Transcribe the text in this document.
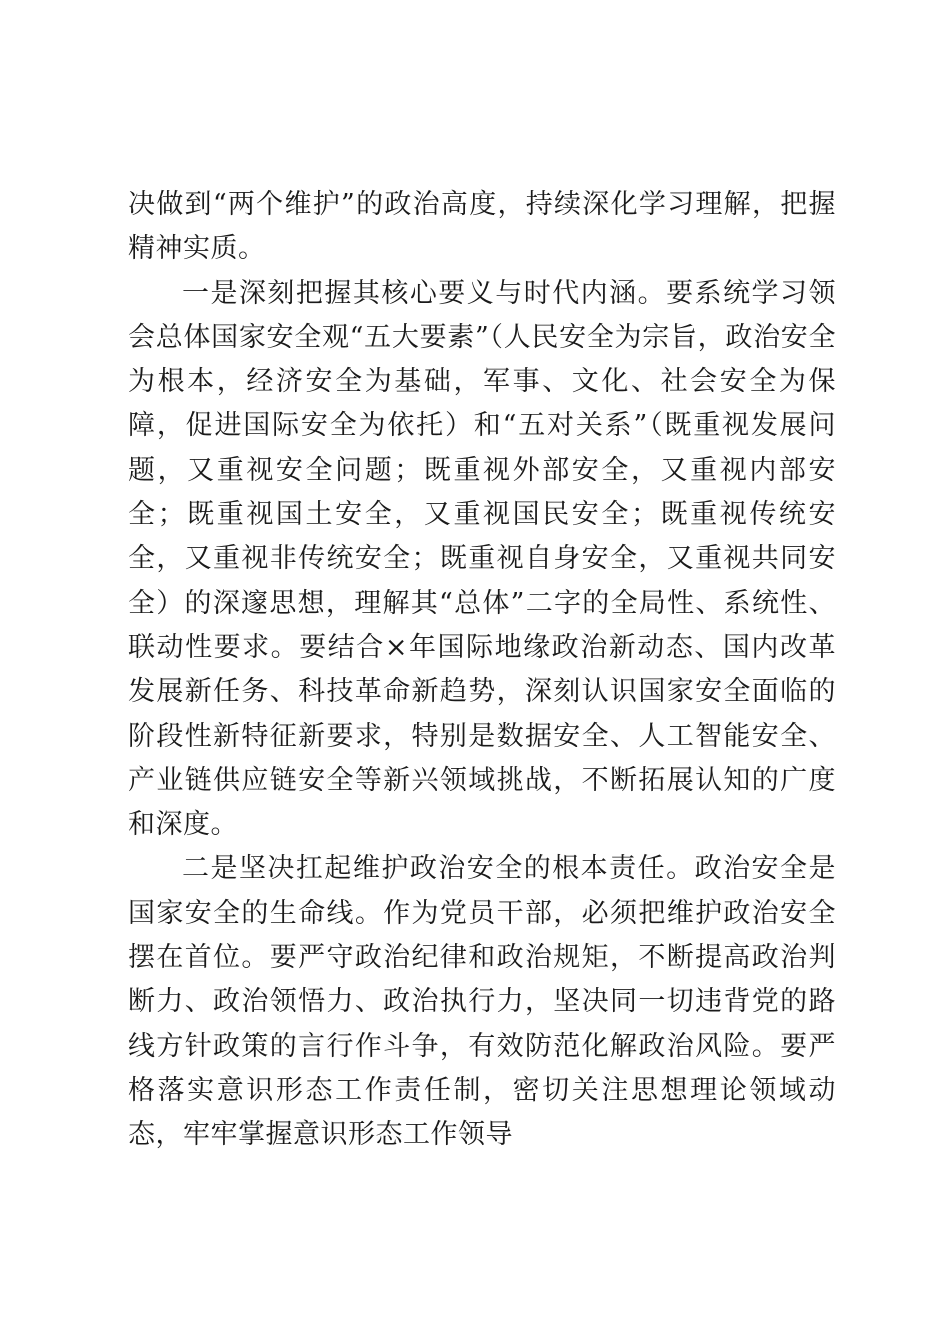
决做到“两个维护”的政治高度，持续深化学习理解，把握精神实质。

一是深刻把握其核心要义与时代内涵。要系统学习领会总体国家安全观“五大要素”（人民安全为宗旨，政治安全为根本，经济安全为基础，军事、文化、社会安全为保障，促进国际安全为依托）和“五对关系”（既重视发展问题，又重视安全问题；既重视外部安全，又重视内部安全；既重视国土安全，又重视国民安全；既重视传统安全，又重视非传统安全；既重视自身安全，又重视共同安全）的深邃思想，理解其“总体”二字的全局性、系统性、联动性要求。要结合×年国际地缘政治新动态、国内改革发展新任务、科技革命新趋势，深刻认识国家安全面临的阶段性新特征新要求，特别是数据安全、人工智能安全、产业链供应链安全等新兴领域挑战，不断拓展认知的广度和深度。

二是坚决扛起维护政治安全的根本责任。政治安全是国家安全的生命线。作为党员干部，必须把维护政治安全摆在首位。要严守政治纪律和政治规矩，不断提高政治判断力、政治领悟力、政治执行力，坚决同一切违背党的路线方针政策的言行作斗争，有效防范化解政治风险。要严格落实意识形态工作责任制，密切关注思想理论领域动态，牢牢掌握意识形态工作领导
